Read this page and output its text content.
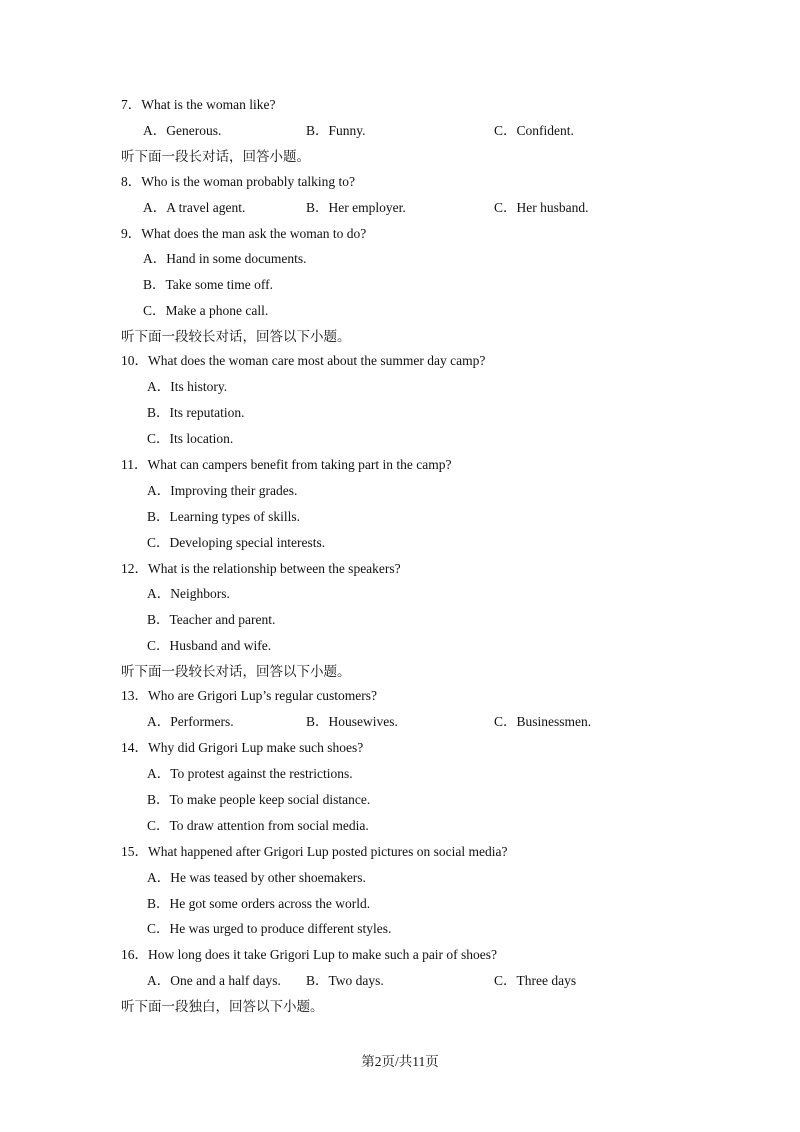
7．What is the woman like?
A．Generous.	B．Funny.	C．Confident.
听下面一段长对话，回答小题。
8．Who is the woman probably talking to?
A．A travel agent.	B．Her employer.	C．Her husband.
9．What does the man ask the woman to do?
A．Hand in some documents.
B．Take some time off.
C．Make a phone call.
听下面一段较长对话，回答以下小题。
10．What does the woman care most about the summer day camp?
A．Its history.
B．Its reputation.
C．Its location.
11．What can campers benefit from taking part in the camp?
A．Improving their grades.
B．Learning types of skills.
C．Developing special interests.
12．What is the relationship between the speakers?
A．Neighbors.
B．Teacher and parent.
C．Husband and wife.
听下面一段较长对话，回答以下小题。
13．Who are Grigori Lup’s regular customers?
A．Performers.	B．Housewives.	C．Businessmen.
14．Why did Grigori Lup make such shoes?
A．To protest against the restrictions.
B．To make people keep social distance.
C．To draw attention from social media.
15．What happened after Grigori Lup posted pictures on social media?
A．He was teased by other shoemakers.
B．He got some orders across the world.
C．He was urged to produce different styles.
16．How long does it take Grigori Lup to make such a pair of shoes?
A．One and a half days. B．Two days.	C．Three days
听下面一段独白，回答以下小题。
第2页/共11页
